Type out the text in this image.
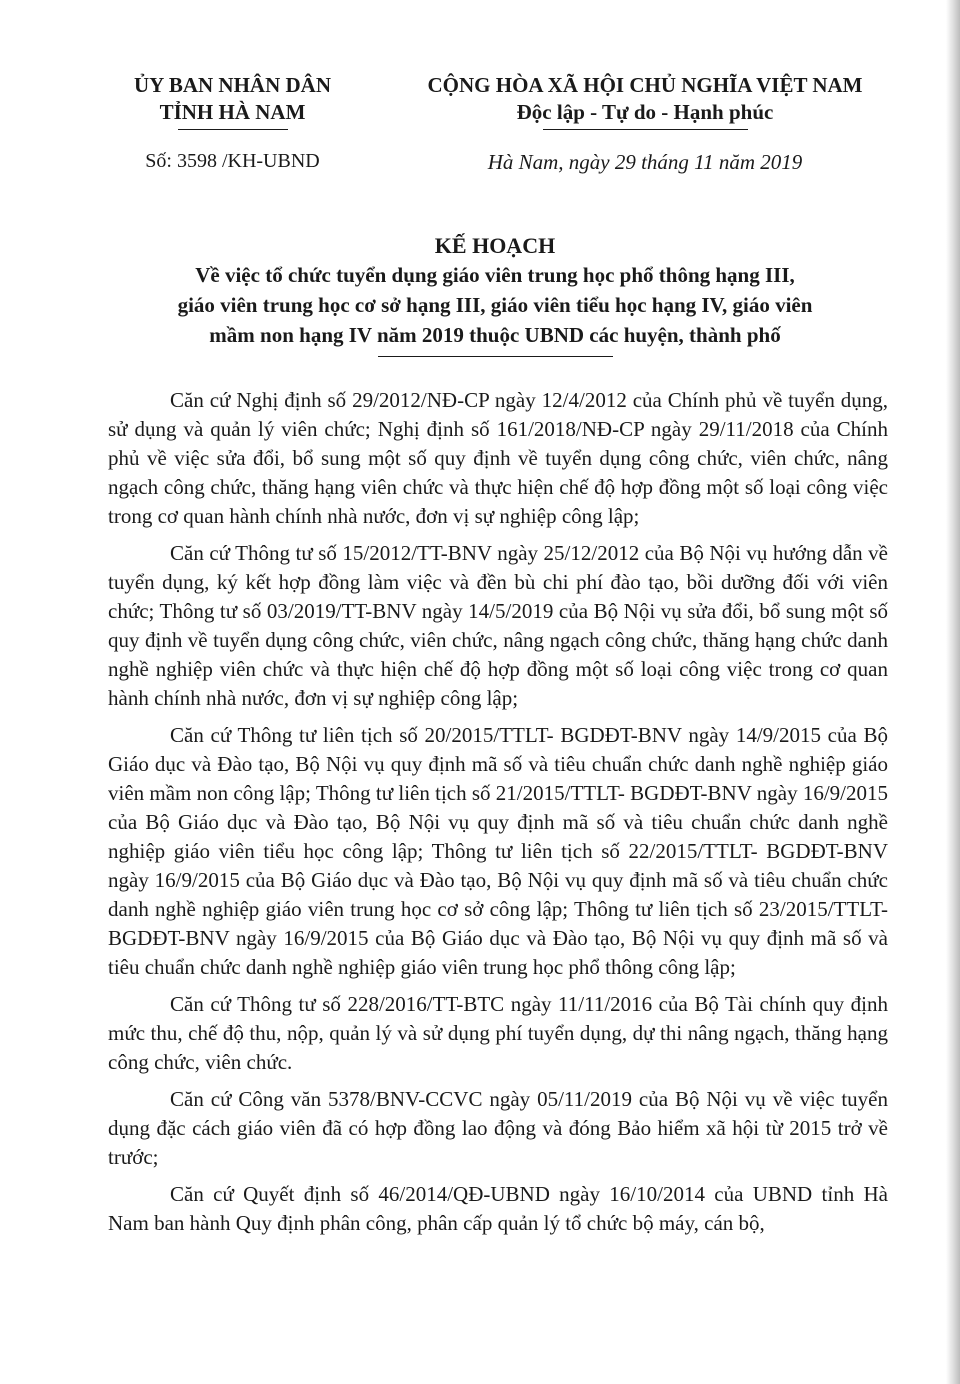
ỦY BAN NHÂN DÂN
TỈNH HÀ NAM
CỘNG HÒA XÃ HỘI CHỦ NGHĨA VIỆT NAM
Độc lập - Tự do - Hạnh phúc
Số: 3598 /KH-UBND	Hà Nam, ngày 29 tháng 11 năm 2019
KẾ HOẠCH
Về việc tổ chức tuyển dụng giáo viên trung học phổ thông hạng III,
giáo viên trung học cơ sở hạng III, giáo viên tiểu học hạng IV, giáo viên
mầm non hạng IV năm 2019 thuộc UBND các huyện, thành phố

Căn cứ Nghị định số 29/2012/NĐ-CP ngày 12/4/2012 của Chính phủ về tuyển dụng, sử dụng và quản lý viên chức; Nghị định số 161/2018/NĐ-CP ngày 29/11/2018 của Chính phủ về việc sửa đổi, bổ sung một số quy định về tuyển dụng công chức, viên chức, nâng ngạch công chức, thăng hạng viên chức và thực hiện chế độ hợp đồng một số loại công việc trong cơ quan hành chính nhà nước, đơn vị sự nghiệp công lập;

Căn cứ Thông tư số 15/2012/TT-BNV ngày 25/12/2012 của Bộ Nội vụ hướng dẫn về tuyển dụng, ký kết hợp đồng làm việc và đền bù chi phí đào tạo, bồi dưỡng đối với viên chức; Thông tư số 03/2019/TT-BNV ngày 14/5/2019 của Bộ Nội vụ sửa đổi, bổ sung một số quy định về tuyển dụng công chức, viên chức, nâng ngạch công chức, thăng hạng chức danh nghề nghiệp viên chức và thực hiện chế độ hợp đồng một số loại công việc trong cơ quan hành chính nhà nước, đơn vị sự nghiệp công lập;

Căn cứ Thông tư liên tịch số 20/2015/TTLT- BGDĐT-BNV ngày 14/9/2015 của Bộ Giáo dục và Đào tạo, Bộ Nội vụ quy định mã số và tiêu chuẩn chức danh nghề nghiệp giáo viên mầm non công lập; Thông tư liên tịch số 21/2015/TTLT- BGDĐT-BNV ngày 16/9/2015 của Bộ Giáo dục và Đào tạo, Bộ Nội vụ quy định mã số và tiêu chuẩn chức danh nghề nghiệp giáo viên tiểu học công lập; Thông tư liên tịch số 22/2015/TTLT- BGDĐT-BNV ngày 16/9/2015 của Bộ Giáo dục và Đào tạo, Bộ Nội vụ quy định mã số và tiêu chuẩn chức danh nghề nghiệp giáo viên trung học cơ sở công lập; Thông tư liên tịch số 23/2015/TTLT- BGDĐT-BNV ngày 16/9/2015 của Bộ Giáo dục và Đào tạo, Bộ Nội vụ quy định mã số và tiêu chuẩn chức danh nghề nghiệp giáo viên trung học phổ thông công lập;

Căn cứ Thông tư số 228/2016/TT-BTC ngày 11/11/2016 của Bộ Tài chính quy định mức thu, chế độ thu, nộp, quản lý và sử dụng phí tuyển dụng, dự thi nâng ngạch, thăng hạng công chức, viên chức.

Căn cứ Công văn 5378/BNV-CCVC ngày 05/11/2019 của Bộ Nội vụ về việc tuyển dụng đặc cách giáo viên đã có hợp đồng lao động và đóng Bảo hiểm xã hội từ 2015 trở về trước;

Căn cứ Quyết định số 46/2014/QĐ-UBND ngày 16/10/2014 của UBND tỉnh Hà Nam ban hành Quy định phân công, phân cấp quản lý tổ chức bộ máy, cán bộ,
